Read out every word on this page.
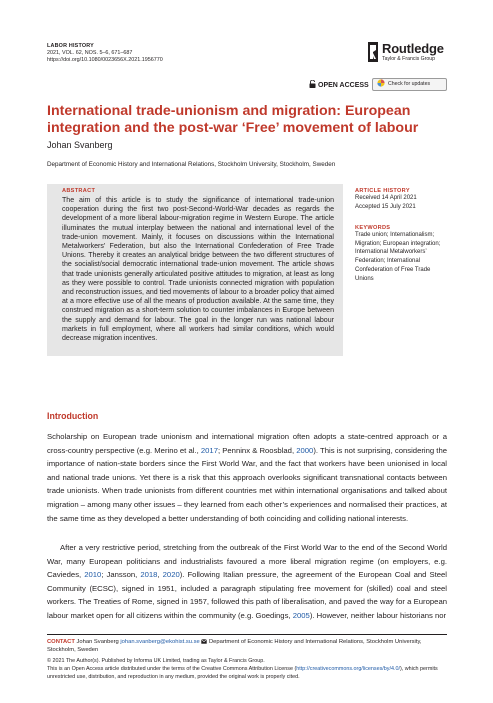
LABOR HISTORY
2021, VOL. 62, NOS. 5–6, 671–687
https://doi.org/10.1080/0023656X.2021.1956770
Routledge
Taylor & Francis Group
OPEN ACCESS	Check for updates
International trade-unionism and migration: European integration and the post-war ‘Free’ movement of labour
Johan Svanberg
Department of Economic History and International Relations, Stockholm University, Stockholm, Sweden
ABSTRACT
The aim of this article is to study the significance of international trade-union cooperation during the first two post-Second-World-War decades as regards the development of a more liberal labour-migration regime in Western Europe. The article illuminates the mutual interplay between the national and international level of the trade-union movement. Mainly, it focuses on discussions within the International Metalworkers’ Federation, but also the International Confederation of Free Trade Unions. Thereby it creates an analytical bridge between the two different structures of the socialist/social democratic international trade-union movement. The article shows that trade unionists generally articulated positive attitudes to migration, at least as long as they were possible to control. Trade unionists connected migration with population and reconstruction issues, and tied movements of labour to a broader policy that aimed at a more effective use of all the means of production available. At the same time, they construed migration as a short-term solution to counter imbalances in Europe between the supply and demand for labour. The goal in the longer run was national labour markets in full employment, where all workers had similar conditions, which would decrease migration incentives.
ARTICLE HISTORY
Received 14 April 2021
Accepted 15 July 2021
KEYWORDS
Trade union; Internationalism; Migration; European integration; International Metalworkers’ Federation; International Confederation of Free Trade Unions
Introduction

Scholarship on European trade unionism and international migration often adopts a state-centred approach or a cross-country perspective (e.g. Merino et al., 2017; Penninx & Roosblad, 2000). This is not surprising, considering the importance of nation-state borders since the First World War, and the fact that workers have been unionised in local and national trade unions. Yet there is a risk that this approach overlooks significant transnational contacts between trade unionists. When trade unionists from different countries met within international organisations and talked about migration – among many other issues – they learned from each other’s experiences and normalised their practices, at the same time as they developed a better understanding of both coinciding and colliding national interests.

After a very restrictive period, stretching from the outbreak of the First World War to the end of the Second World War, many European politicians and industrialists favoured a more liberal migration regime (on employers, e.g. Caviedes, 2010; Jansson, 2018, 2020). Following Italian pressure, the agreement of the European Coal and Steel Community (ECSC), signed in 1951, included a paragraph stipulating free movement for (skilled) coal and steel workers. The Treaties of Rome, signed in 1957, followed this path of liberalisation, and paved the way for a European labour market open for all citizens within the community (e.g. Goedings, 2005). However, neither labour historians nor

CONTACT Johan Svanberg johan.svanberg@ekohist.su.se Department of Economic History and International Relations, Stockholm University, Stockholm, Sweden
© 2021 The Author(s). Published by Informa UK Limited, trading as Taylor & Francis Group.
This is an Open Access article distributed under the terms of the Creative Commons Attribution License (http://creativecommons.org/licenses/by/4.0/), which permits unrestricted use, distribution, and reproduction in any medium, provided the original work is properly cited.
